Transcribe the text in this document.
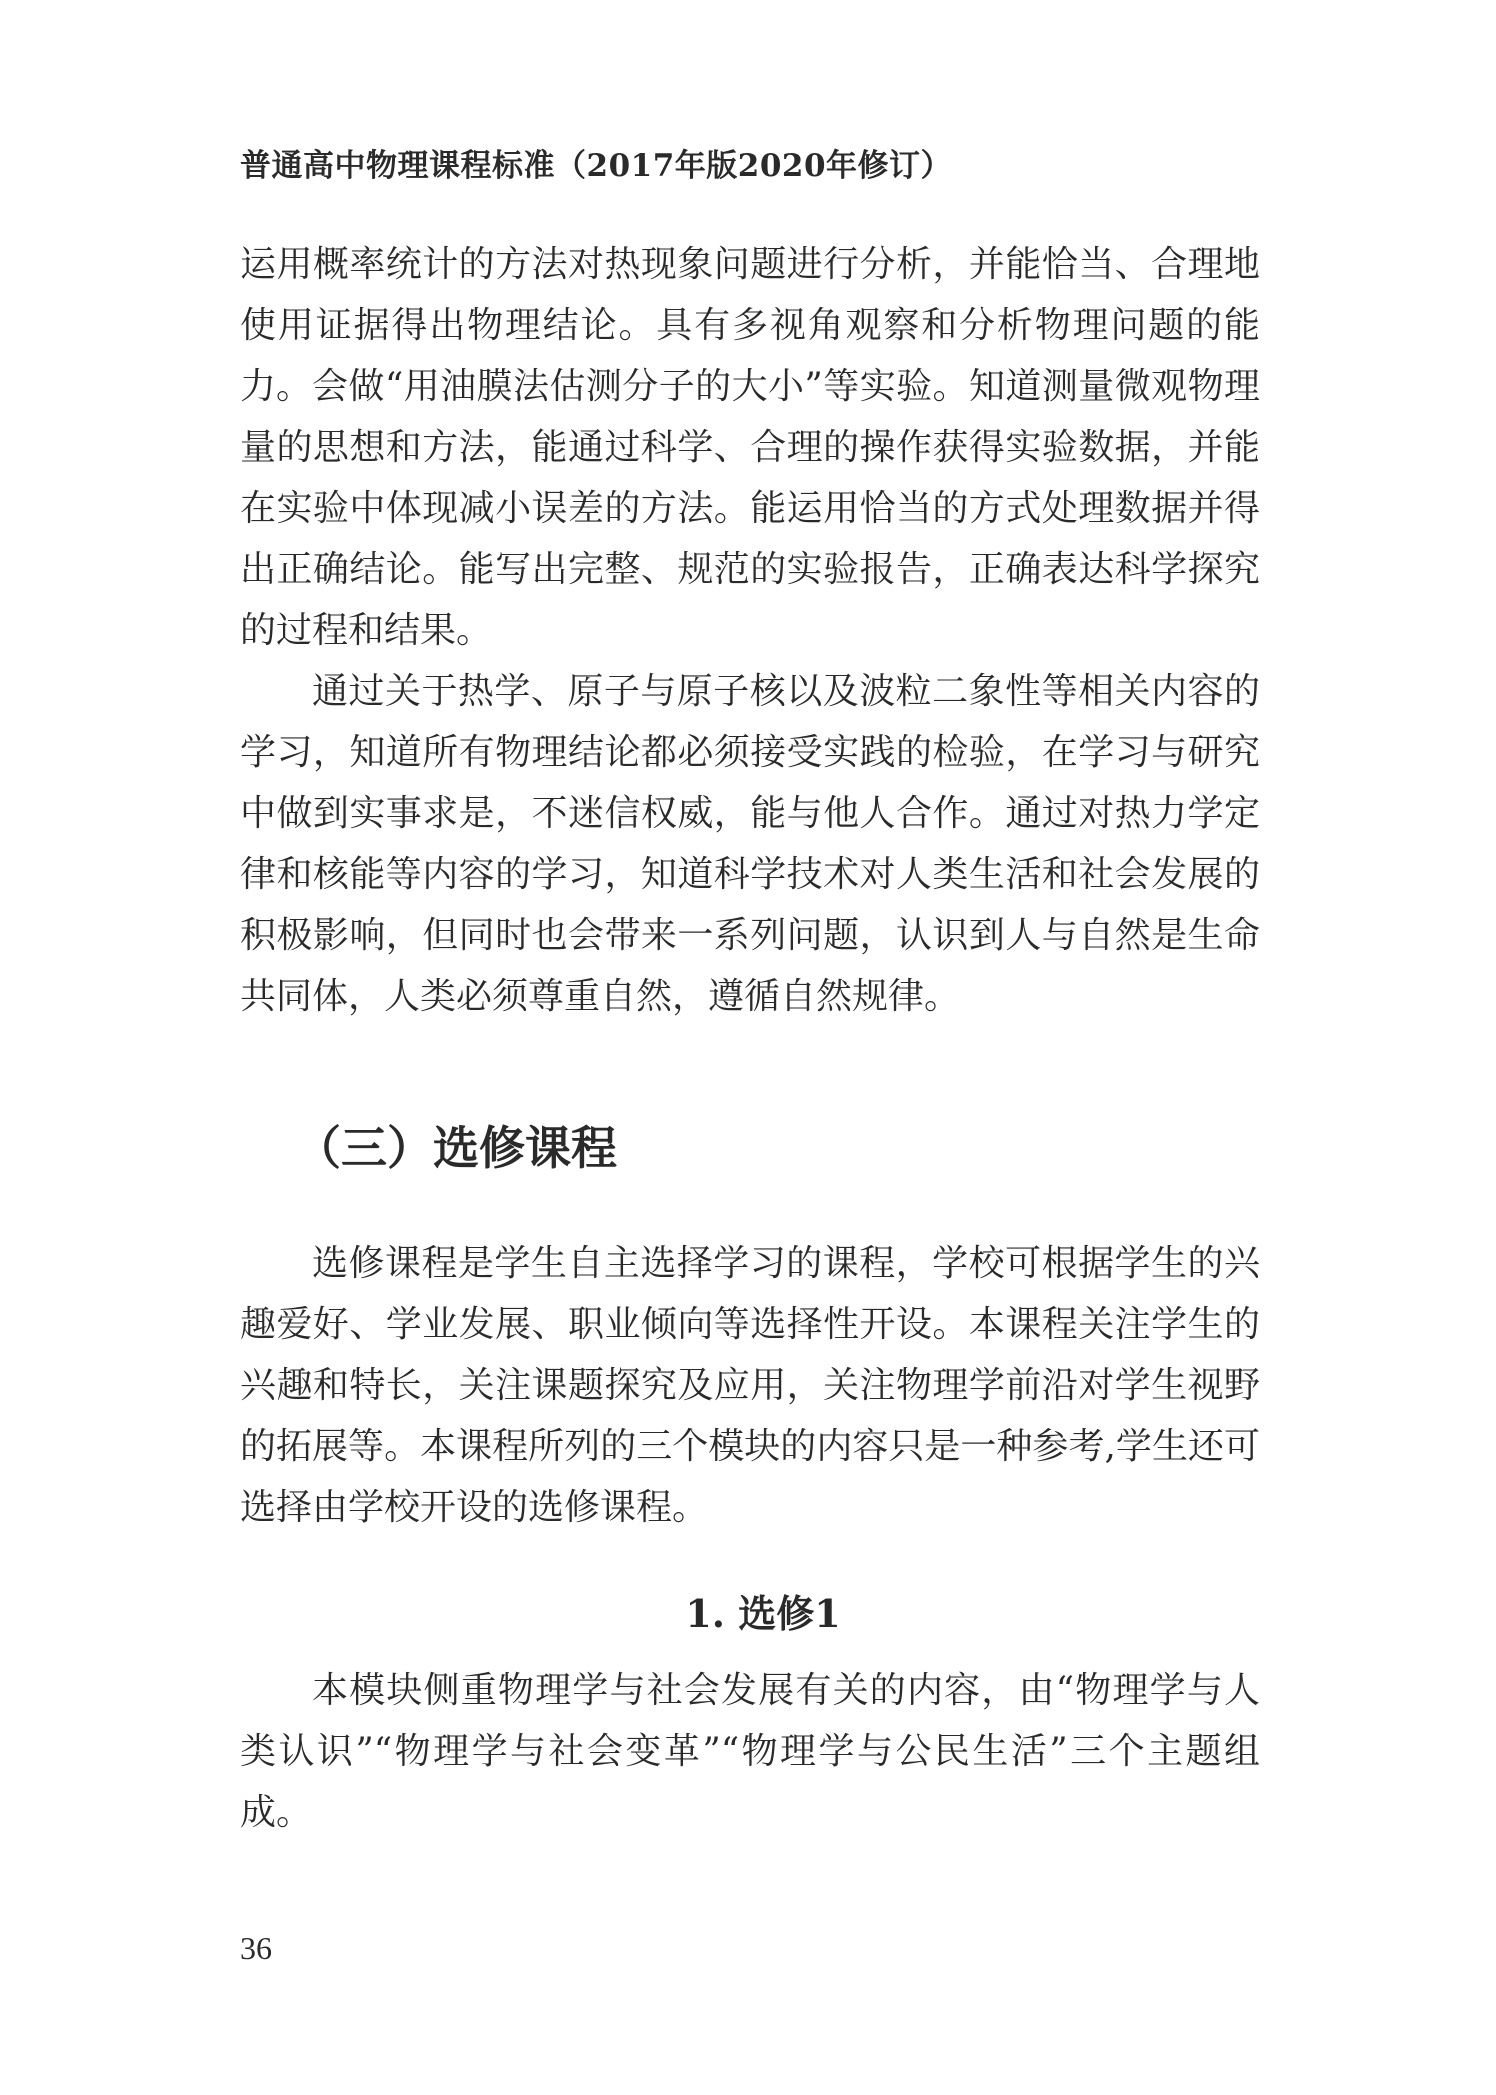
普通高中物理课程标准（2017年版2020年修订）

运用概率统计的方法对热现象问题进行分析，并能恰当、合理地使用证据得出物理结论。具有多视角观察和分析物理问题的能力。 会做“用油膜法估测分子的大小”等实验。知道测量微观物理量的思想和方法，能通过科学、合理的操作获得实验数据，并能在实验中体现减小误差的方法。能运用恰当的方式处理数据并得出正确结论。能写出完整、规范的实验报告，正确表达科学探究的过程和结果。

通过关于热学、原子与原子核以及波粒二象性等相关内容的学习，知道所有物理结论都必须接受实践的检验，在学习与研究中做到实事求是，不迷信权威，能与他人合作。通过对热力学定律和核能等内容的学习，知道科学技术对人类生活和社会发展的积极影响，但同时也会带来一系列问题，认识到人与自然是生命共同体，人类必须尊重自然，遵循自然规律。

（三）选修课程

选修课程是学生自主选择学习的课程，学校可根据学生的兴趣爱好、学业发展、职业倾向等选择性开设。本课程关注学生的兴趣和特长，关注课题探究及应用，关注物理学前沿对学生视野的拓展等。本课程所列的三个模块的内容只是一种参考,学生还可选择由学校开设的选修课程。

1. 选修1

本模块侧重物理学与社会发展有关的内容，由“物理学与人类认识”“物理学与社会变革”“物理学与公民生活”三个主题组成。

36
